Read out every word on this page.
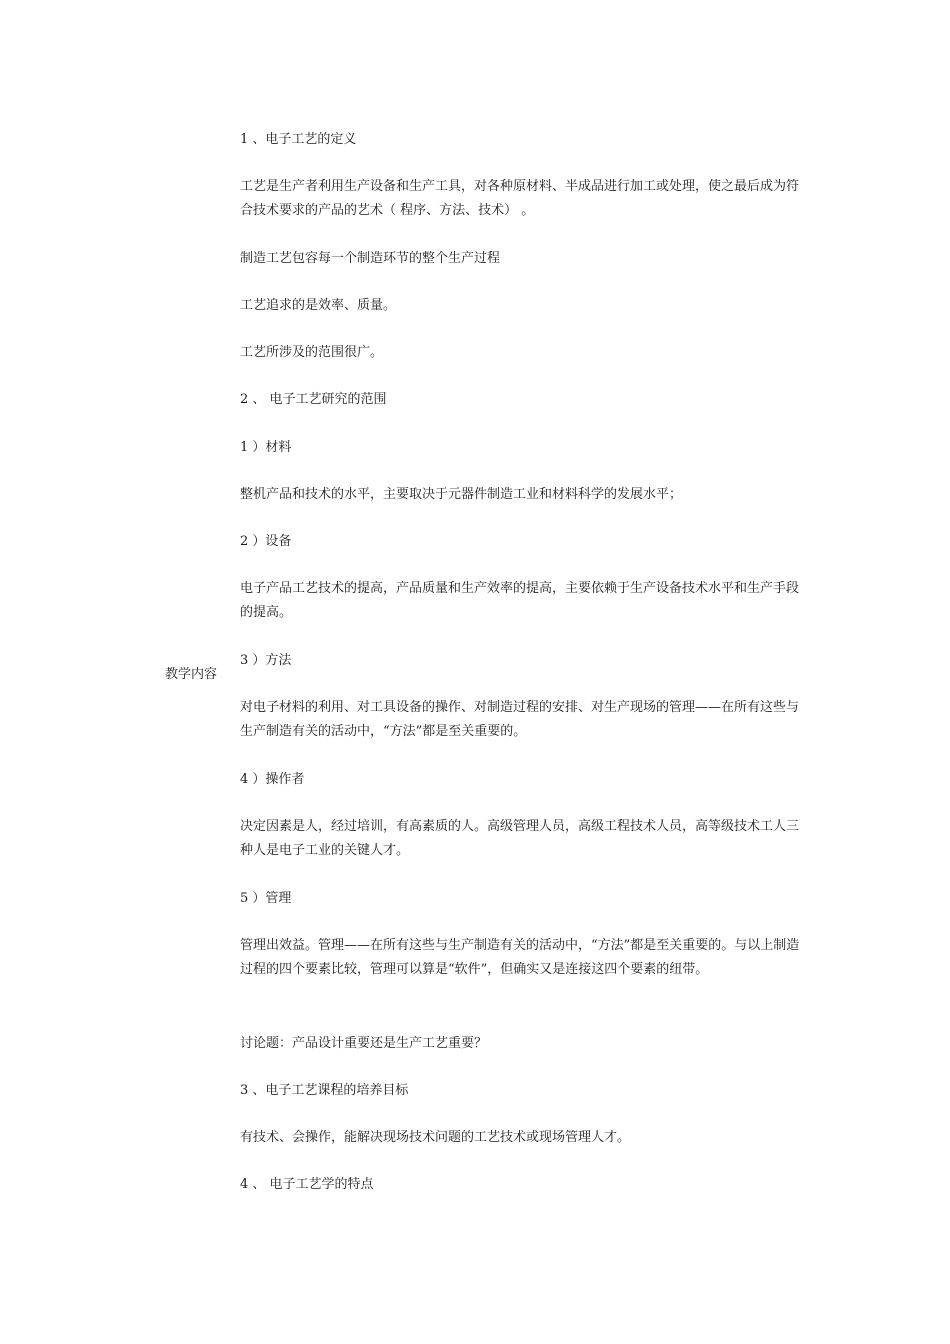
教学内容
1 、电子工艺的定义
工艺是生产者利用生产设备和生产工具，对各种原材料、半成品进行加工或处理，使之最后成为符合技术要求的产品的艺术（ 程序、方法、技术） 。
制造工艺包容每一个制造环节的整个生产过程
工艺追求的是效率、质量。
工艺所涉及的范围很广。
2 、 电子工艺研究的范围
1 ）材料
整机产品和技术的水平，主要取决于元器件制造工业和材料科学的发展水平；
2 ）设备
电子产品工艺技术的提高，产品质量和生产效率的提高，主要依赖于生产设备技术水平和生产手段的提高。
3 ）方法
对电子材料的利用、对工具设备的操作、对制造过程的安排、对生产现场的管理——在所有这些与生产制造有关的活动中，“方法”都是至关重要的。
4 ）操作者
决定因素是人，经过培训，有高素质的人。高级管理人员，高级工程技术人员，高等级技术工人三种人是电子工业的关键人才。
5 ）管理
管理出效益。管理——在所有这些与生产制造有关的活动中，“方法”都是至关重要的。与以上制造过程的四个要素比较，管理可以算是“软件”，但确实又是连接这四个要素的纽带。
讨论题：产品设计重要还是生产工艺重要？
3 、电子工艺课程的培养目标
有技术、会操作，能解决现场技术问题的工艺技术或现场管理人才。
4 、 电子工艺学的特点
